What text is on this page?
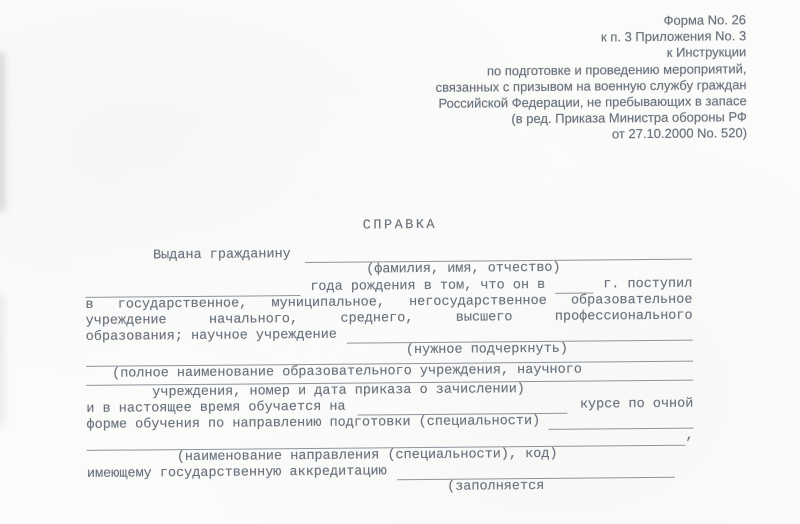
Форма No. 26
к п. 3 Приложения No. 3
к Инструкции
по подготовке и проведению мероприятий,
связанных с призывом на военную службу граждан
Российской Федерации, не пребывающих в запасе
(в ред. Приказа Министра обороны РФ
от 27.10.2000 No. 520)
СПРАВКА
Выдана гражданину
(фамилия, имя, отчество)
года рождения в том, что он в	г. поступил
в государственное, муниципальное, негосударственное образовательное
учреждение начального, среднего, высшего профессионального
образования; научное учреждение
(нужное подчеркнуть)
(полное наименование образовательного учреждения, научного
учреждения, номер и дата приказа о зачислении)
и в настоящее время обучается на	курсе по очной
форме обучения по направлению подготовки (специальности)
,
(наименование направления (специальности), код)
имеющему государственную аккредитацию
(заполняется
